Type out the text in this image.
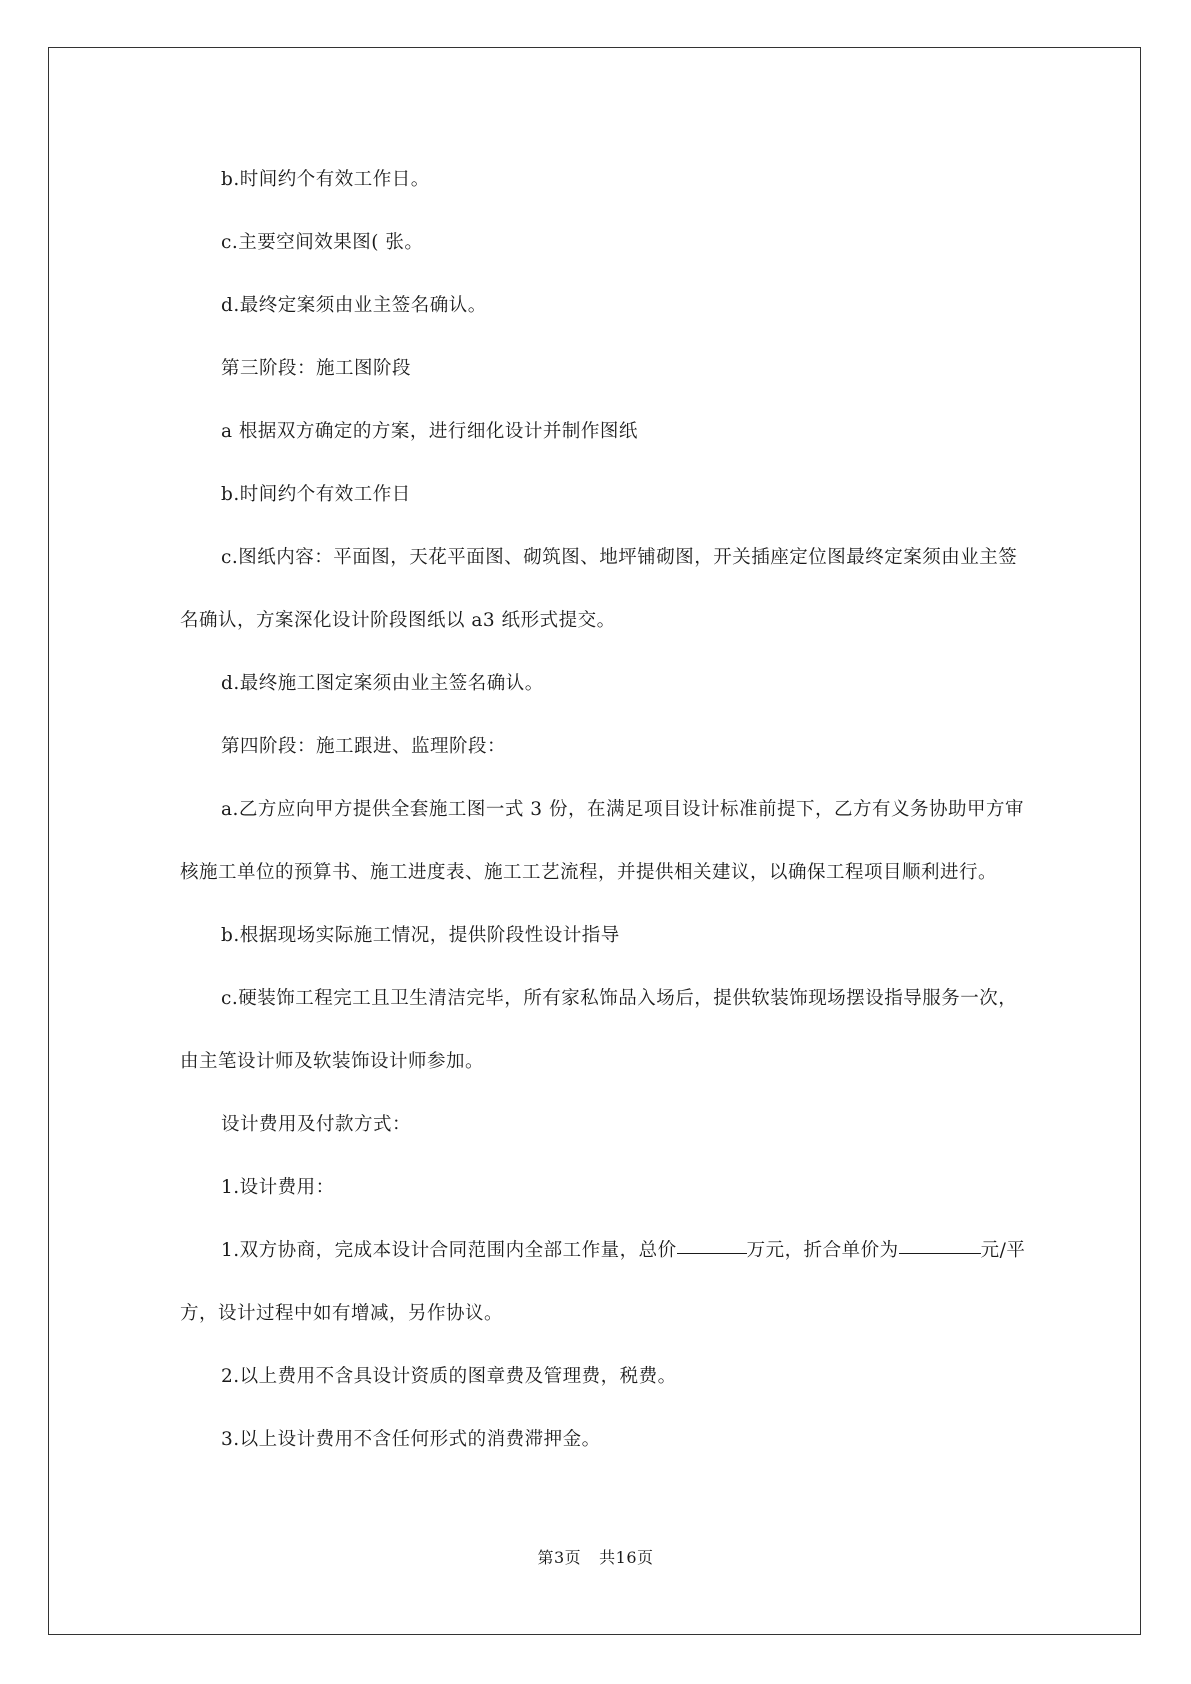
b.时间约个有效工作日。

c.主要空间效果图( 张。

d.最终定案须由业主签名确认。

第三阶段：施工图阶段

a 根据双方确定的方案，进行细化设计并制作图纸

b.时间约个有效工作日

c.图纸内容：平面图，天花平面图、砌筑图、地坪铺砌图，开关插座定位图最终定案须由业主签名确认，方案深化设计阶段图纸以 a3 纸形式提交。

d.最终施工图定案须由业主签名确认。

第四阶段：施工跟进、监理阶段：

a.乙方应向甲方提供全套施工图一式 3 份，在满足项目设计标准前提下，乙方有义务协助甲方审核施工单位的预算书、施工进度表、施工工艺流程，并提供相关建议，以确保工程项目顺利进行。

b.根据现场实际施工情况，提供阶段性设计指导

c.硬装饰工程完工且卫生清洁完毕，所有家私饰品入场后，提供软装饰现场摆设指导服务一次，由主笔设计师及软装饰设计师参加。

设计费用及付款方式：

1.设计费用：

1.双方协商，完成本设计合同范围内全部工作量，总价	万元，折合单价为	元/平方，设计过程中如有增减，另作协议。

2.以上费用不含具设计资质的图章费及管理费，税费。

3.以上设计费用不含任何形式的消费滞押金。

第3页 共16页
